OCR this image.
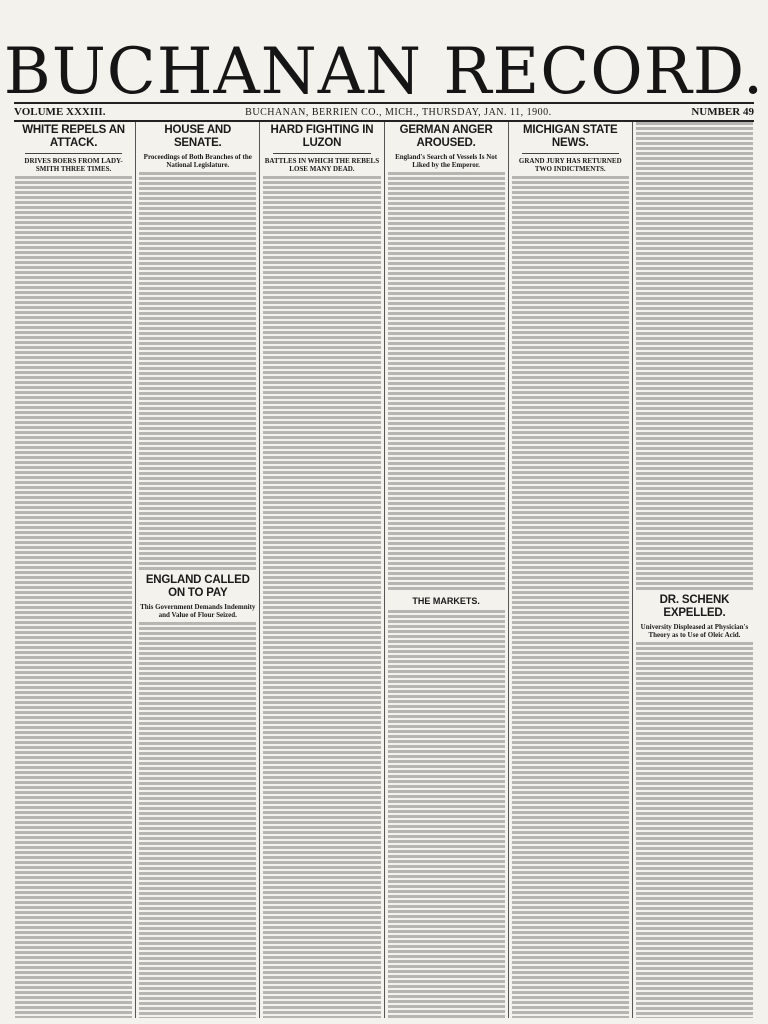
BUCHANAN RECORD.
VOLUME XXXIII.	BUCHANAN, BERRIEN CO., MICH., THURSDAY, JAN. 11, 1900.	NUMBER 49
WHITE REPELS AN ATTACK.
DRIVES BOERS FROM LADY-SMITH THREE TIMES.
HOUSE AND SENATE.
Proceedings of Both Branches of the National Legislature.
ENGLAND CALLED ON TO PAY
This Government Demands Indemnity and Value of Flour Seized.
HARD FIGHTING IN LUZON
BATTLES IN WHICH THE REBELS LOSE MANY DEAD.
GERMAN ANGER AROUSED.
England's Search of Vessels Is Not Liked by the Emperor.
THE MARKETS.
MICHIGAN STATE NEWS.
GRAND JURY HAS RETURNED TWO INDICTMENTS.
DR. SCHENK EXPELLED.
University Displeased at Physician's Theory as to Use of Oleic Acid.
